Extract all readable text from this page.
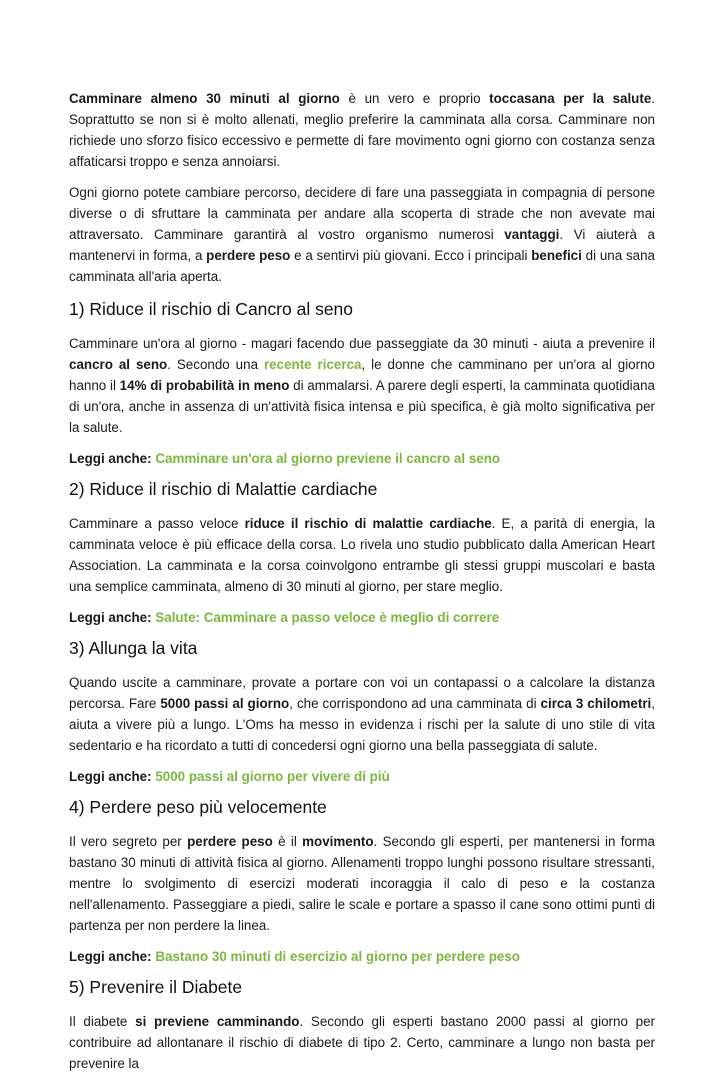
Camminare almeno 30 minuti al giorno è un vero e proprio toccasana per la salute. Soprattutto se non si è molto allenati, meglio preferire la camminata alla corsa. Camminare non richiede uno sforzo fisico eccessivo e permette di fare movimento ogni giorno con costanza senza affaticarsi troppo e senza annoiarsi.

Ogni giorno potete cambiare percorso, decidere di fare una passeggiata in compagnia di persone diverse o di sfruttare la camminata per andare alla scoperta di strade che non avevate mai attraversato. Camminare garantirà al vostro organismo numerosi vantaggi. Vi aiuterà a mantenervi in forma, a perdere peso e a sentirvi più giovani. Ecco i principali benefici di una sana camminata all'aria aperta.

1) Riduce il rischio di Cancro al seno

Camminare un'ora al giorno - magari facendo due passeggiate da 30 minuti - aiuta a prevenire il cancro al seno. Secondo una recente ricerca, le donne che camminano per un'ora al giorno hanno il 14% di probabilità in meno di ammalarsi. A parere degli esperti, la camminata quotidiana di un'ora, anche in assenza di un'attività fisica intensa e più specifica, è già molto significativa per la salute.

Leggi anche: Camminare un'ora al giorno previene il cancro al seno

2) Riduce il rischio di Malattie cardiache

Camminare a passo veloce riduce il rischio di malattie cardiache. E, a parità di energia, la camminata veloce è più efficace della corsa. Lo rivela uno studio pubblicato dalla American Heart Association. La camminata e la corsa coinvolgono entrambe gli stessi gruppi muscolari e basta una semplice camminata, almeno di 30 minuti al giorno, per stare meglio.

Leggi anche: Salute: Camminare a passo veloce è meglio di correre

3) Allunga la vita

Quando uscite a camminare, provate a portare con voi un contapassi o a calcolare la distanza percorsa. Fare 5000 passi al giorno, che corrispondono ad una camminata di circa 3 chilometri, aiuta a vivere più a lungo. L'Oms ha messo in evidenza i rischi per la salute di uno stile di vita sedentario e ha ricordato a tutti di concedersi ogni giorno una bella passeggiata di salute.

Leggi anche: 5000 passi al giorno per vivere di più

4) Perdere peso più velocemente

Il vero segreto per perdere peso è il movimento. Secondo gli esperti, per mantenersi in forma bastano 30 minuti di attività fisica al giorno. Allenamenti troppo lunghi possono risultare stressanti, mentre lo svolgimento di esercizi moderati incoraggia il calo di peso e la costanza nell'allenamento. Passeggiare a piedi, salire le scale e portare a spasso il cane sono ottimi punti di partenza per non perdere la linea.

Leggi anche: Bastano 30 minuti di esercizio al giorno per perdere peso

5) Prevenire il Diabete

Il diabete si previene camminando. Secondo gli esperti bastano 2000 passi al giorno per contribuire ad allontanare il rischio di diabete di tipo 2. Certo, camminare a lungo non basta per prevenire la
